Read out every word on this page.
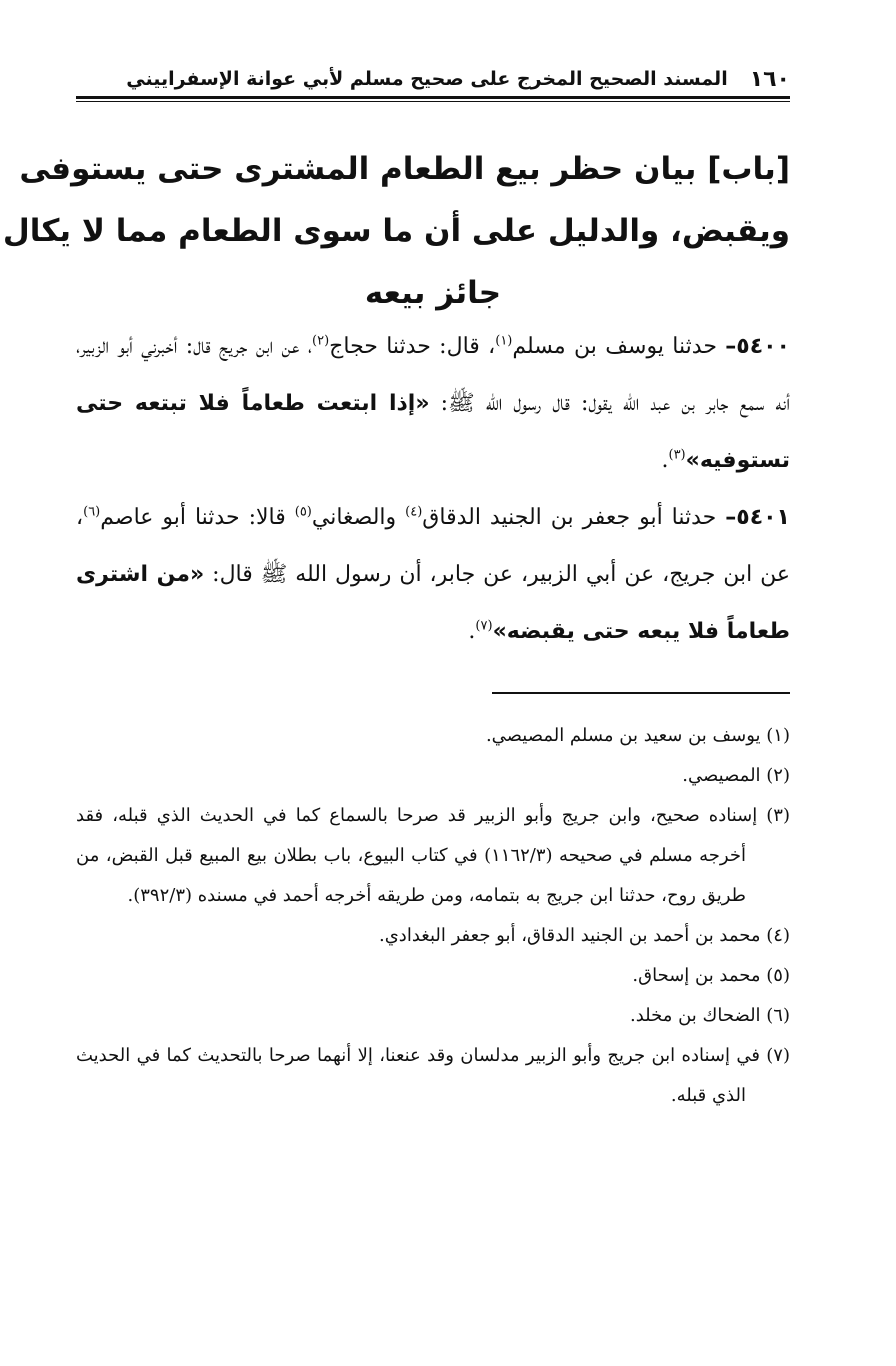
١٦٠
المسند الصحيح المخرج على صحيح مسلم لأبي عوانة الإسفراييني
[باب] بيان حظر بيع الطعام المشترى حتى يستوفى
ويقبض، والدليل على أن ما سوى الطعام مما لا يكال
جائز بيعه

٥٤٠٠– حدثنا يوسف بن مسلم$^{(١)}$، قال: حدثنا حجاج$^{(٢)}$، عن ابن جريج قال: أخبرني أبو الزبير، أنه سمع جابر بن عبد الله يقول: قال رسول الله ﷺ: «إذا ابتعت طعاماً فلا تبتعه حتى تستوفيه»$^{(٣)}$.

٥٤٠١– حدثنا أبو جعفر بن الجنيد الدقاق$^{(٤)}$ والصغاني$^{(٥)}$ قالا: حدثنا أبو عاصم$^{(٦)}$، عن ابن جريج، عن أبي الزبير، عن جابر، أن رسول الله ﷺ قال: «من اشترى طعاماً فلا يبعه حتى يقبضه»$^{(٧)}$.

(١) يوسف بن سعيد بن مسلم المصيصي.

(٢) المصيصي.

(٣) إسناده صحيح، وابن جريج وأبو الزبير قد صرحا بالسماع كما في الحديث الذي قبله، فقد أخرجه مسلم في صحيحه (١١٦٢/٣) في كتاب البيوع، باب بطلان بيع المبيع قبل القبض، من طريق روح، حدثنا ابن جريج به بتمامه، ومن طريقه أخرجه أحمد في مسنده (٣٩٢/٣).

(٤) محمد بن أحمد بن الجنيد الدقاق، أبو جعفر البغدادي.

(٥) محمد بن إسحاق.

(٦) الضحاك بن مخلد.

(٧) في إسناده ابن جريج وأبو الزبير مدلسان وقد عنعنا، إلا أنهما صرحا بالتحديث كما في الحديث الذي قبله.
